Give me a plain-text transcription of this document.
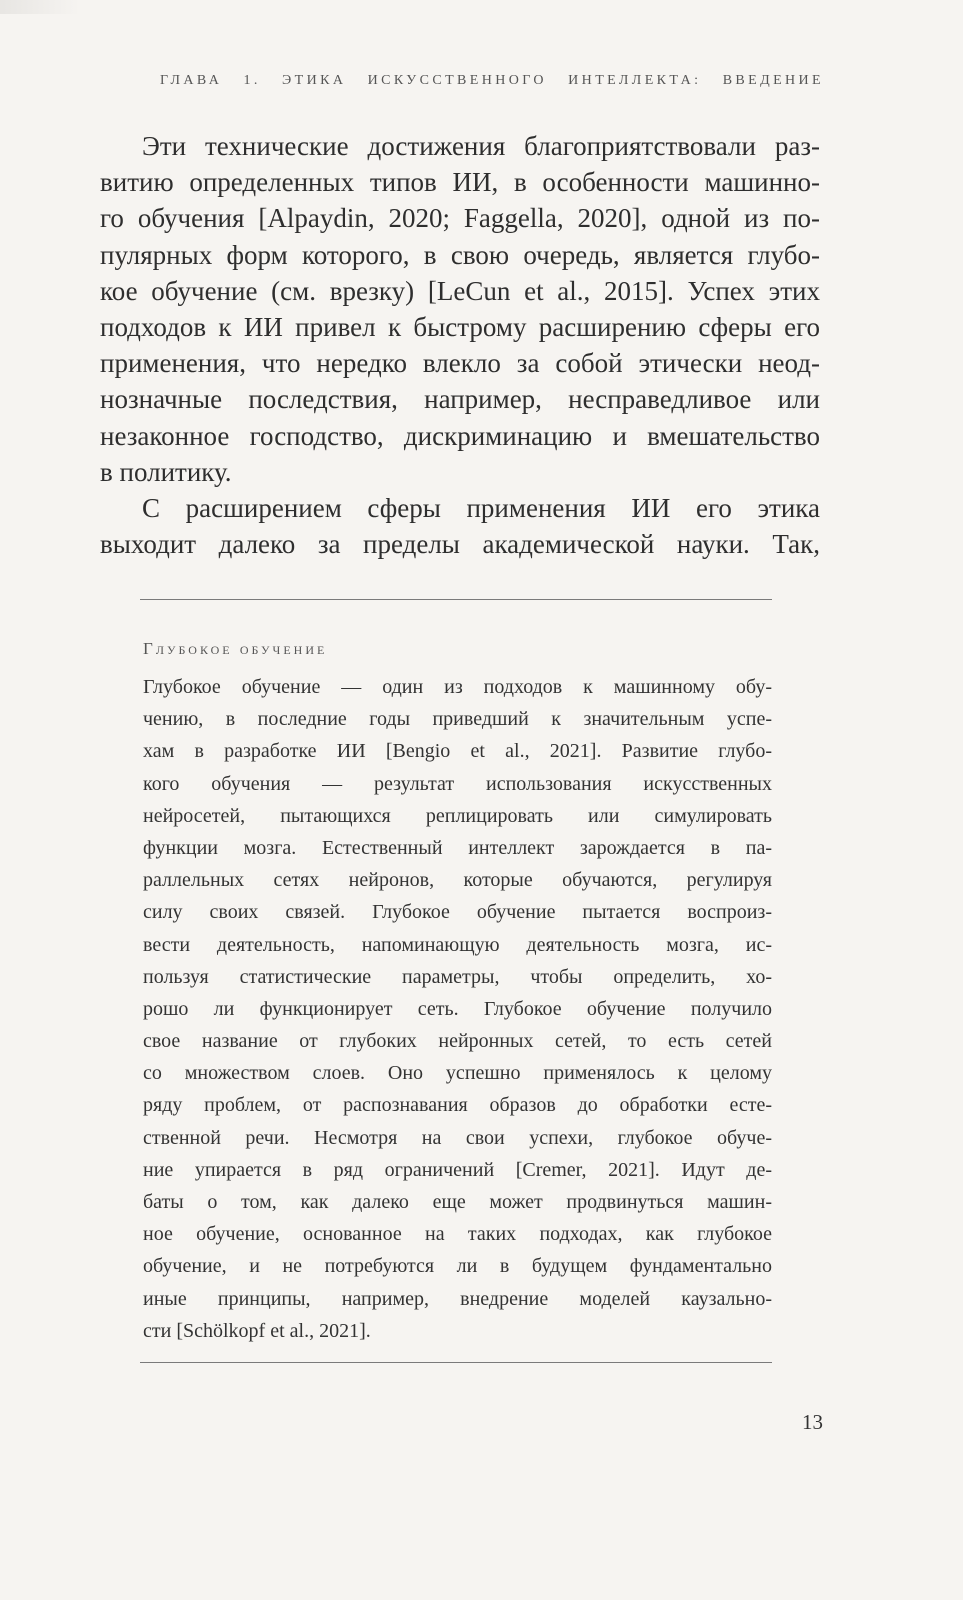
ГЛАВА 1. ЭТИКА ИСКУССТВЕННОГО ИНТЕЛЛЕКТА: ВВЕДЕНИЕ
Эти технические достижения благоприятствовали раз-
витию определенных типов ИИ, в особенности машинно-
го обучения [Alpaydin, 2020; Faggella, 2020], одной из по-
пулярных форм которого, в свою очередь, является глубо-
кое обучение (см. врезку) [LeCun et al., 2015]. Успех этих
подходов к ИИ привел к быстрому расширению сферы его
применения, что нередко влекло за собой этически неод-
нозначные последствия, например, несправедливое или
незаконное господство, дискриминацию и вмешательство
в политику.
С расширением сферы применения ИИ его этика
выходит далеко за пределы академической науки. Так,
Глубокое обучение
Глубокое обучение — один из подходов к машинному обу-
чению, в последние годы приведший к значительным успе-
хам в разработке ИИ [Bengio et al., 2021]. Развитие глубо-
кого обучения — результат использования искусственных
нейросетей, пытающихся реплицировать или симулировать
функции мозга. Естественный интеллект зарождается в па-
раллельных сетях нейронов, которые обучаются, регулируя
силу своих связей. Глубокое обучение пытается воспроиз-
вести деятельность, напоминающую деятельность мозга, ис-
пользуя статистические параметры, чтобы определить, хо-
рошо ли функционирует сеть. Глубокое обучение получило
свое название от глубоких нейронных сетей, то есть сетей
со множеством слоев. Оно успешно применялось к целому
ряду проблем, от распознавания образов до обработки есте-
ственной речи. Несмотря на свои успехи, глубокое обуче-
ние упирается в ряд ограничений [Cremer, 2021]. Идут де-
баты о том, как далеко еще может продвинуться машин-
ное обучение, основанное на таких подходах, как глубокое
обучение, и не потребуются ли в будущем фундаментально
иные принципы, например, внедрение моделей каузально-
сти [Schölkopf et al., 2021].
13
